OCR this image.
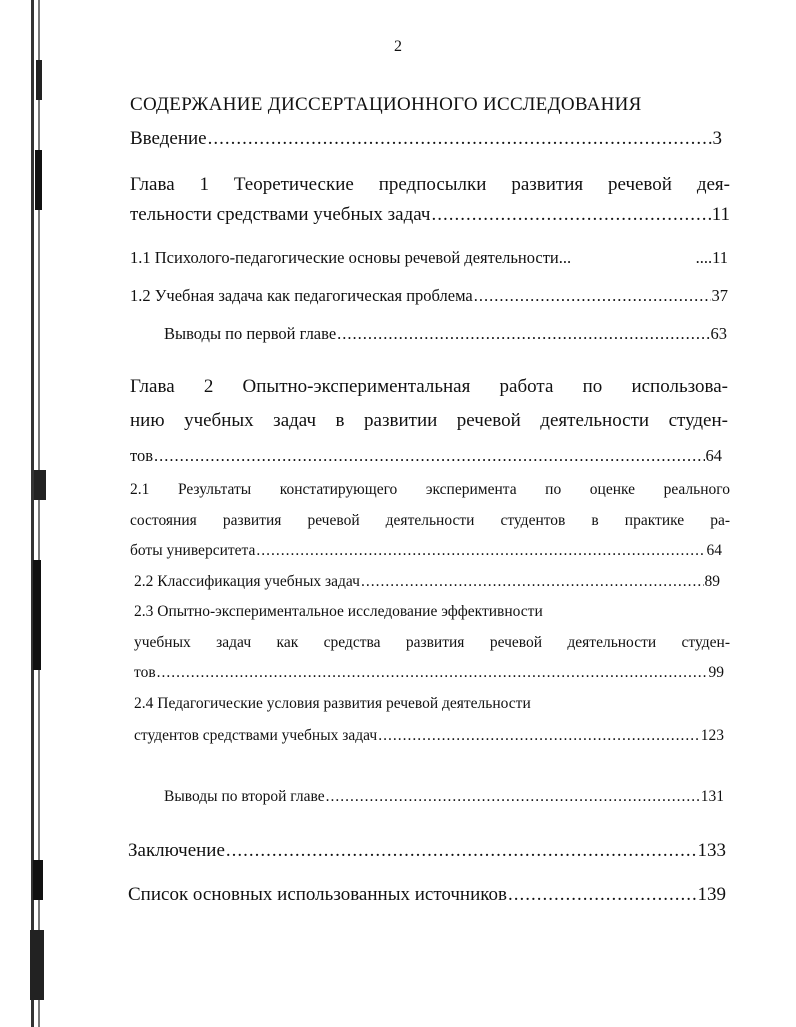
2
СОДЕРЖАНИЕ ДИССЕРТАЦИОННОГО ИССЛЕДОВАНИЯ
Введение .....	3
Глава 1 Теоретические предпосылки развития речевой дея-
тельности средствами учебных задач .....	11
1.1 Психолого-педагогические основы речевой деятельности...	....11
1.2 Учебная задача как педагогическая проблема .....	37
Выводы по первой главе .....	63
Глава 2 Опытно-экспериментальная работа по использова-
нию учебных задач в развитии речевой деятельности студен-
тов .....	64
2.1 Результаты констатирующего эксперимента по оценке реального
состояния развития речевой деятельности студентов в практике ра-
боты университета .....	64
2.2 Классификация учебных задач .....	89
2.3 Опытно-экспериментальное исследование эффективности
учебных задач как средства развития речевой деятельности студен-
тов .....	99
2.4 Педагогические условия развития речевой деятельности
студентов средствами учебных задач .....	123
Выводы по второй главе .....	131
Заключение .....	133
Список основных использованных источников .....	139
